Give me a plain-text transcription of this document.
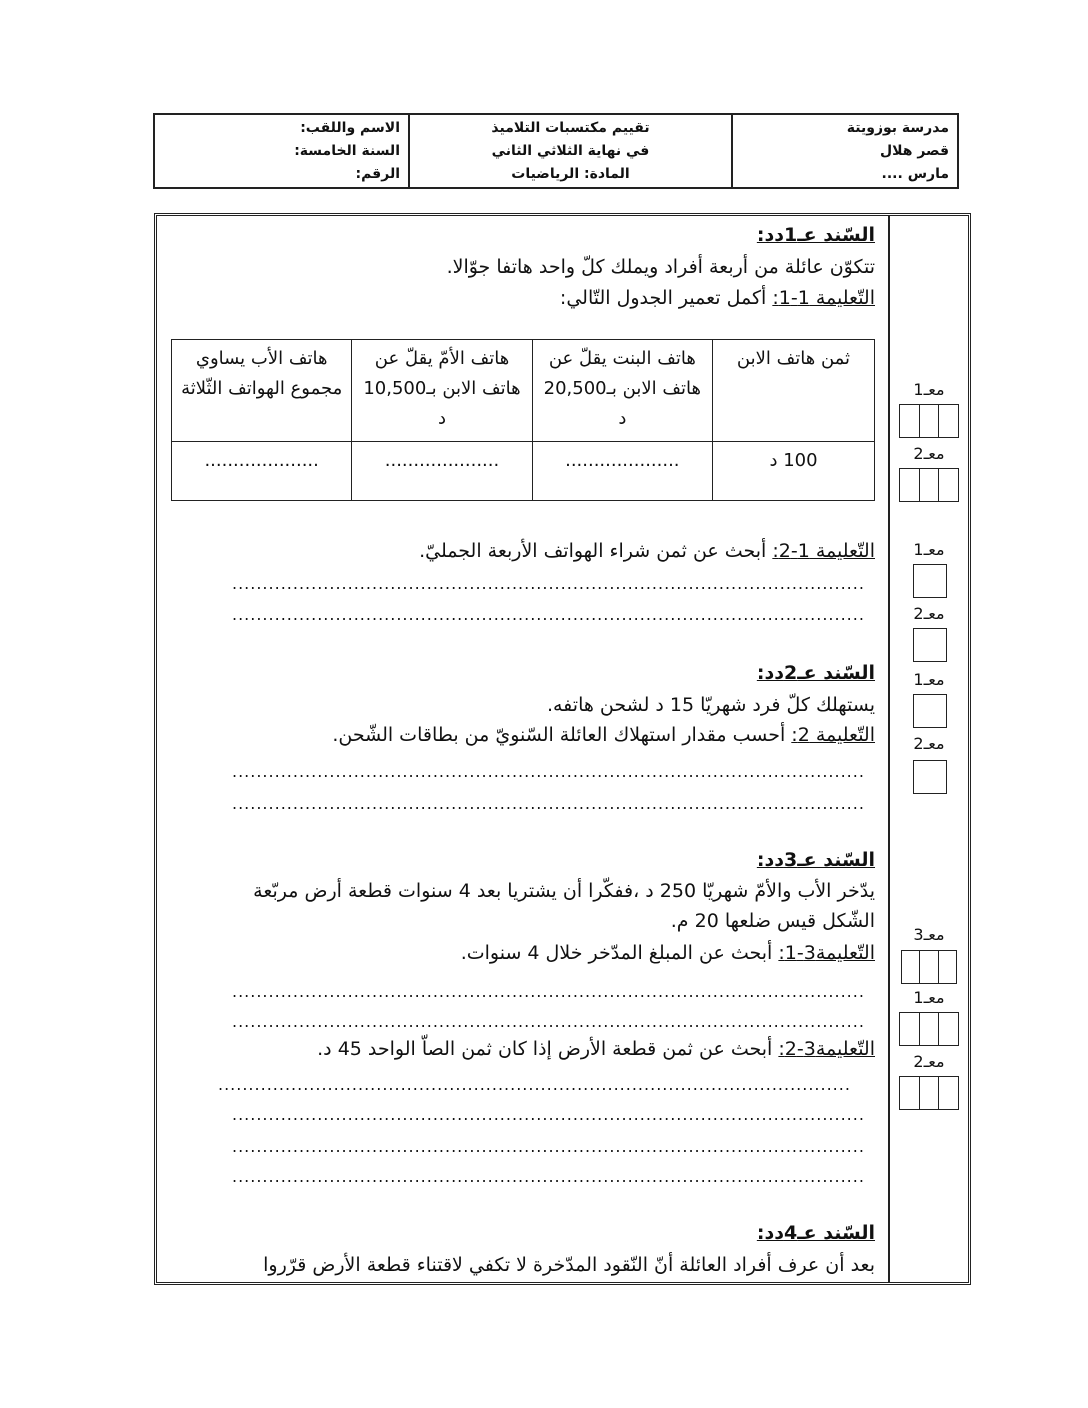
مدرسة بوزويتة
قصر هلال
مارس ....
تقييم مكتسبات التلاميذ
في نهاية الثلاثي الثاني
المادة: الرياضيات
الاسم واللقب:
السنة الخامسة:
الرقم:
السّند عـ1دد:
تتكوّن عائلة من أربعة أفراد ويملك كلّ واحد هاتفا جوّالا.
التّعليمة 1-1: أكمل تعمير الجدول التّالي:
هاتف الأب يساوي مجموع الهواتف الثّلاثة	هاتف الأمّ يقلّ عن هاتف الابن بـ10,500 د	هاتف البنت يقلّ عن هاتف الابن بـ20,500 د	ثمن هاتف الابن
....................	....................	....................	100 د
التّعليمة 1-2: أبحث عن ثمن شراء الهواتف الأربعة الجمليّ.
........................................................................................................
........................................................................................................
السّند عـ2دد:
يستهلك كلّ فرد شهريّا 15 د لشحن هاتفه.
التّعليمة 2: أحسب مقدار استهلاك العائلة السّنويّ من بطاقات الشّحن.
........................................................................................................
........................................................................................................
السّند عـ3دد:
يدّخر الأب والأمّ شهريّا 250 د ،ففكّرا أن يشتريا بعد 4 سنوات قطعة أرض مربّعة
الشّكل قيس ضلعها 20 م.
التّعليمة3-1: أبحث عن المبلغ المدّخر خلال 4 سنوات.
........................................................................................................
........................................................................................................
التّعليمة3-2: أبحث عن ثمن قطعة الأرض إذا كان ثمن الصاّ الواحد 45 د.
........................................................................................................
........................................................................................................
........................................................................................................
........................................................................................................
السّند عـ4دد:
بعد أن عرف أفراد العائلة أنّ النّقود المدّخرة لا تكفي لاقتناء قطعة الأرض قرّروا
معـ1
معـ2
معـ1
معـ2
معـ1
معـ2
معـ3
معـ1
معـ2
